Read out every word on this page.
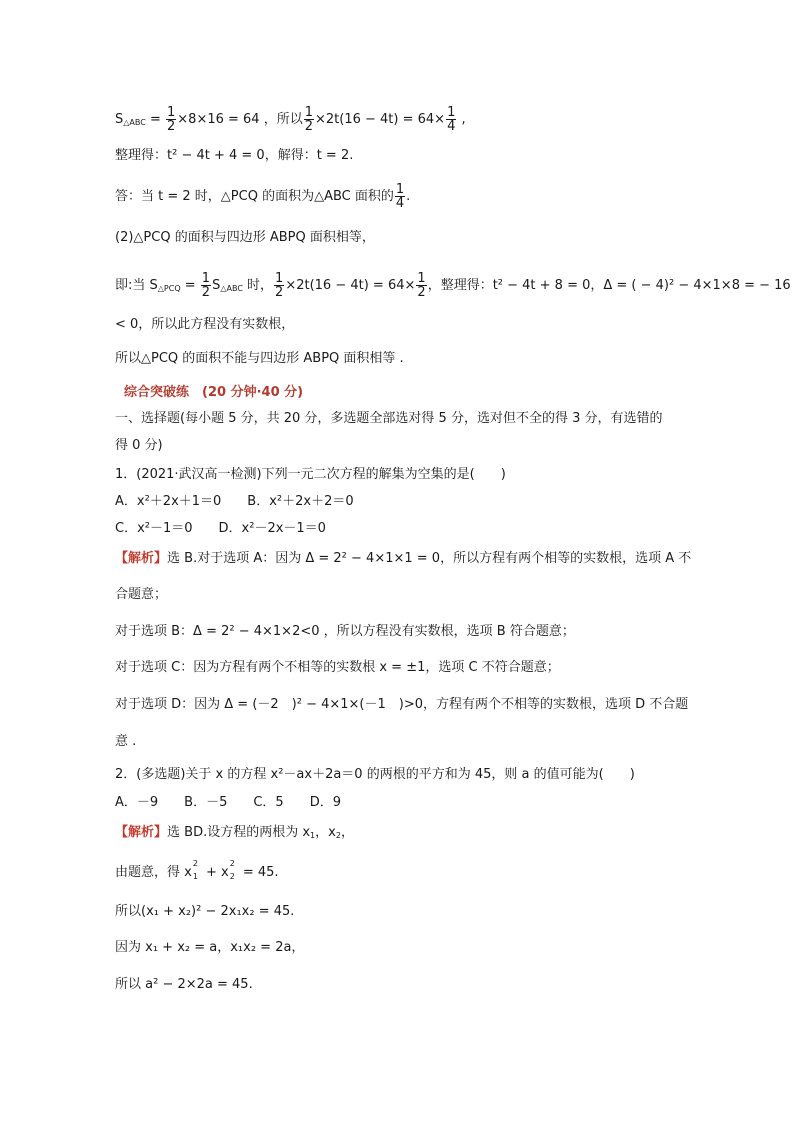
$S_{\triangle ABC} = \frac{1}{2} \times 8\times 16 = 64$ ，所以 $\frac{1}{2} \times 2t(16 - 4t) = 64\times \frac{1}{4}$ ,
整理得：t² − 4t + 4 = 0，解得：t = 2.
答：当 t = 2 时，△PCQ 的面积为△ABC 面积的 $\frac{1}{4}$ .
(2)△PCQ 的面积与四边形 ABPQ 面积相等，
即:当 $S_{\triangle PCQ} = \frac{1}{2} S_{\triangle ABC}$ 时， $\frac{1}{2} \times 2t(16 - 4t) = 64\times \frac{1}{2}$ ，整理得：t² − 4t + 8 = 0，Δ = ( − 4)² − 4×1×8 = − 16
< 0，所以此方程没有实数根，
所以△PCQ 的面积不能与四边形 ABPQ 面积相等 .
综合突破练　 (20 分钟·40 分)
一、选择题(每小题 5 分，共 20 分，多选题全部选对得 5 分，选对但不全的得 3 分，有选错的
得 0 分)
1．(2021·武汉高一检测)下列一元二次方程的解集为空集的是(　　)
A．x²＋2x＋1＝0　　B．x²＋2x＋2＝0
C．x²－1＝0　　D．x²－2x－1＝0
【解析】选 B.对于选项 A：因为 Δ = 2² − 4×1×1 = 0，所以方程有两个相等的实数根，选项 A 不
合题意；
对于选项 B：Δ = 2² − 4×1×2<0 ，所以方程没有实数根，选项 B 符合题意；
对于选项 C：因为方程有两个不相等的实数根 x = ±1，选项 C 不符合题意；
对于选项 D：因为 Δ = (－2　)² − 4×1×(－1　)>0，方程有两个不相等的实数根，选项 D 不合题
意 .
2．(多选题)关于 x 的方程 x²－ax＋2a＝0 的两根的平方和为 45，则 a 的值可能为(　　)
A．－9　　B．－5　　C．5　　D．9
【解析】选 BD.设方程的两根为 $x_1$，$x_2$，
由题意，得 x
2
$_1$ + x
2
$_2$ = 45.
所以(x₁ + x₂)² − 2x₁x₂ = 45.
因为 x₁ + x₂ = a，x₁x₂ = 2a，
所以 a² − 2×2a = 45.
